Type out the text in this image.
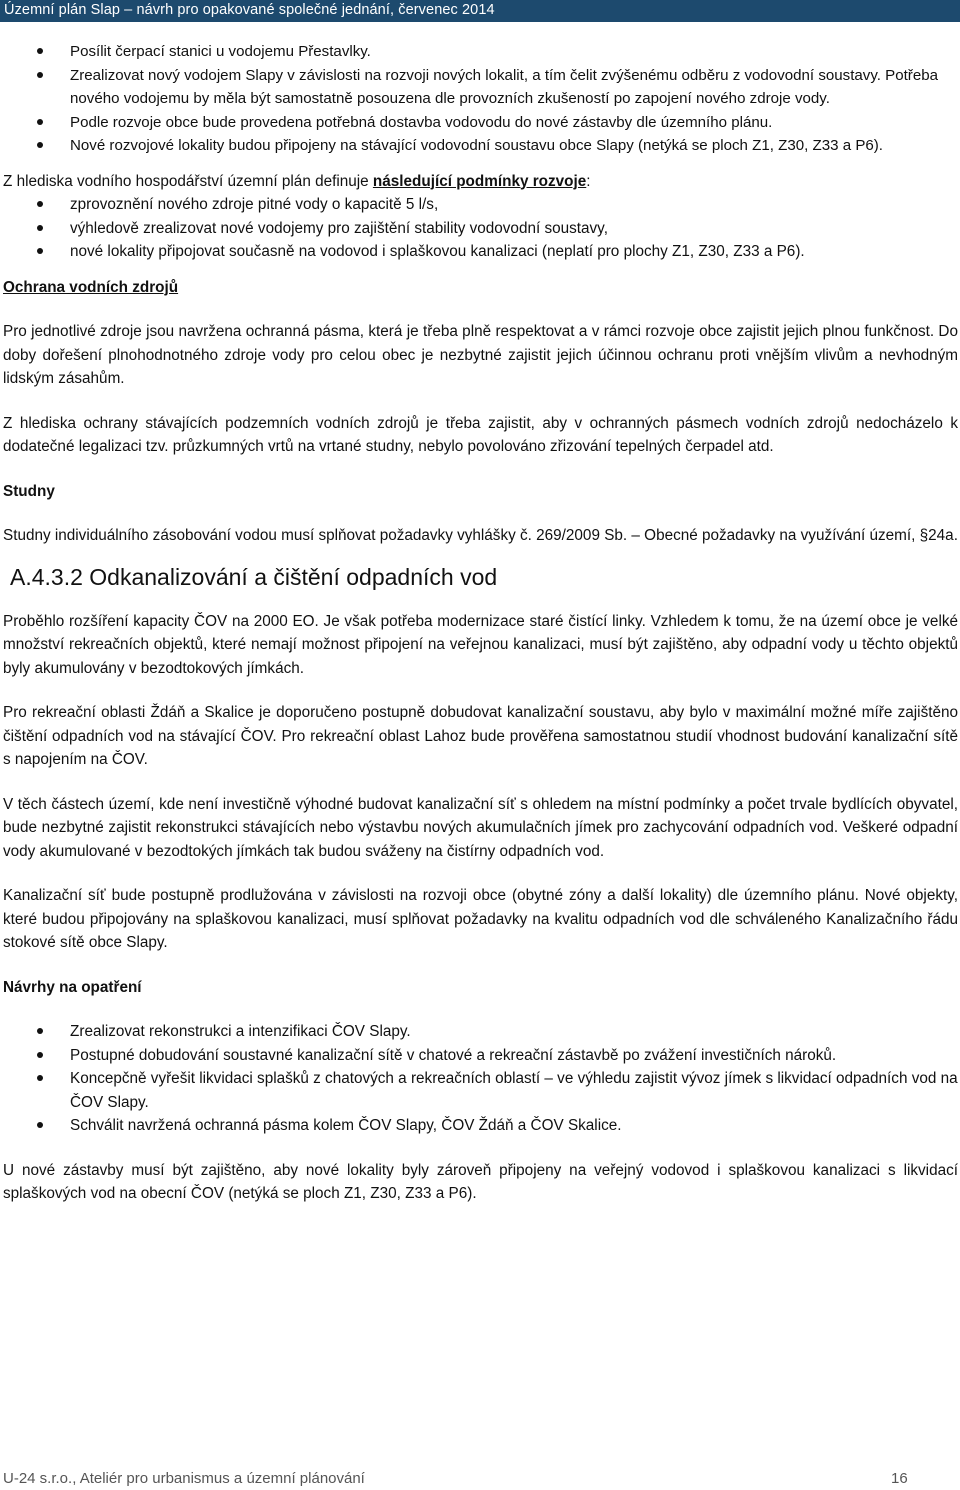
Územní plán Slap – návrh pro opakované společné jednání, červenec 2014
Posílit čerpací stanici u vodojemu Přestavlky.
Zrealizovat nový vodojem Slapy v závislosti na rozvoji nových lokalit, a tím čelit zvýšenému odběru z vodovodní soustavy. Potřeba nového vodojemu by měla být samostatně posouzena dle provozních zkušeností po zapojení nového zdroje vody.
Podle rozvoje obce bude provedena potřebná dostavba vodovodu do nové zástavby dle územního plánu.
Nové rozvojové lokality budou připojeny na stávající vodovodní soustavu obce Slapy (netýká se ploch Z1, Z30, Z33 a P6).

Z hlediska vodního hospodářství územní plán definuje následující podmínky rozvoje:

zprovoznění nového zdroje pitné vody o kapacitě 5 l/s,
výhledově zrealizovat nové vodojemy pro zajištění stability vodovodní soustavy,
nové lokality připojovat současně na vodovod i splaškovou kanalizaci (neplatí pro plochy Z1, Z30, Z33 a P6).

Ochrana vodních zdrojů

Pro jednotlivé zdroje jsou navržena ochranná pásma, která je třeba plně respektovat a v rámci rozvoje obce zajistit jejich plnou funkčnost. Do doby dořešení plnohodnotného zdroje vody pro celou obec je nezbytné zajistit jejich účinnou ochranu proti vnějším vlivům a nevhodným lidským zásahům.

Z hlediska ochrany stávajících podzemních vodních zdrojů je třeba zajistit, aby v ochranných pásmech vodních zdrojů nedocházelo k dodatečné legalizaci tzv. průzkumných vrtů na vrtané studny, nebylo povolováno zřizování tepelných čerpadel atd.

Studny

Studny individuálního zásobování vodou musí splňovat požadavky vyhlášky č. 269/2009 Sb. – Obecné požadavky na využívání území, §24a.

A.4.3.2 Odkanalizování a čištění odpadních vod

Proběhlo rozšíření kapacity ČOV na 2000 EO. Je však potřeba modernizace staré čistící linky. Vzhledem k tomu, že na území obce je velké množství rekreačních objektů, které nemají možnost připojení na veřejnou kanalizaci, musí být zajištěno, aby odpadní vody u těchto objektů byly akumulovány v bezodtokových jímkách.

Pro rekreační oblasti Ždáň a Skalice je doporučeno postupně dobudovat kanalizační soustavu, aby bylo v maximální možné míře zajištěno čištění odpadních vod na stávající ČOV. Pro rekreační oblast Lahoz bude prověřena samostatnou studií vhodnost budování kanalizační sítě s napojením na ČOV.

V těch částech území, kde není investičně výhodné budovat kanalizační síť s ohledem na místní podmínky a počet trvale bydlících obyvatel, bude nezbytné zajistit rekonstrukci stávajících nebo výstavbu nových akumulačních jímek pro zachycování odpadních vod. Veškeré odpadní vody akumulované v bezodtokých jímkách tak budou sváženy na čistírny odpadních vod.

Kanalizační síť bude postupně prodlužována v závislosti na rozvoji obce (obytné zóny a další lokality) dle územního plánu. Nové objekty, které budou připojovány na splaškovou kanalizaci, musí splňovat požadavky na kvalitu odpadních vod dle schváleného Kanalizačního řádu stokové sítě obce Slapy.

Návrhy na opatření

Zrealizovat rekonstrukci a intenzifikaci ČOV Slapy.
Postupné dobudování soustavné kanalizační sítě v chatové a rekreační zástavbě po zvážení investičních nároků.
Koncepčně vyřešit likvidaci splašků z chatových a rekreačních oblastí – ve výhledu zajistit vývoz jímek s likvidací odpadních vod na ČOV Slapy.
Schválit navržená ochranná pásma kolem ČOV Slapy, ČOV Ždáň a ČOV Skalice.

U nové zástavby musí být zajištěno, aby nové lokality byly zároveň připojeny na veřejný vodovod i splaškovou kanalizaci s likvidací splaškových vod na obecní ČOV (netýká se ploch Z1, Z30, Z33 a P6).

U-24 s.r.o., Ateliér pro urbanismus a územní plánování	16
